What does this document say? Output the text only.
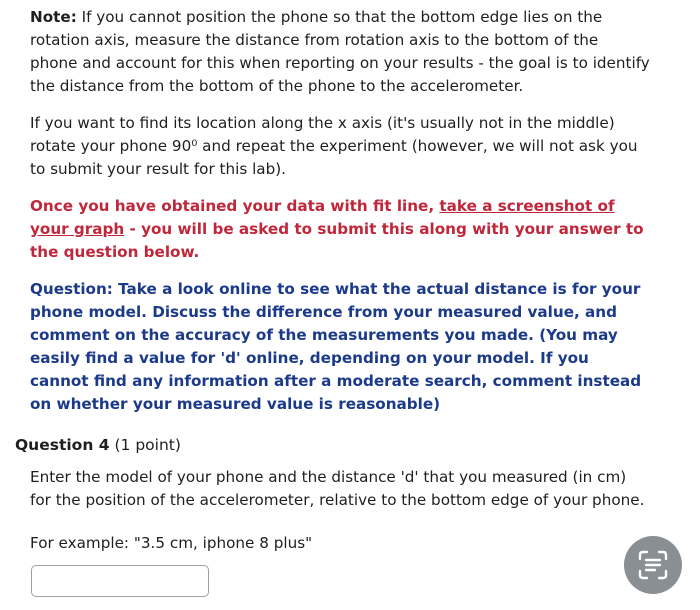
Note: If you cannot position the phone so that the bottom edge lies on the rotation axis, measure the distance from rotation axis to the bottom of the phone and account for this when reporting on your results - the goal is to identify the distance from the bottom of the phone to the accelerometer.

If you want to find its location along the x axis (it's usually not in the middle) rotate your phone 90⁰ and repeat the experiment (however, we will not ask you to submit your result for this lab).

Once you have obtained your data with fit line, take a screenshot of your graph - you will be asked to submit this along with your answer to the question below.

Question: Take a look online to see what the actual distance is for your phone model. Discuss the difference from your measured value, and comment on the accuracy of the measurements you made. (You may easily find a value for 'd' online, depending on your model. If you cannot find any information after a moderate search, comment instead on whether your measured value is reasonable)

Question 4 (1 point)

Enter the model of your phone and the distance 'd' that you measured (in cm) for the position of the accelerometer, relative to the bottom edge of your phone.

For example: "3.5 cm, iphone 8 plus"
